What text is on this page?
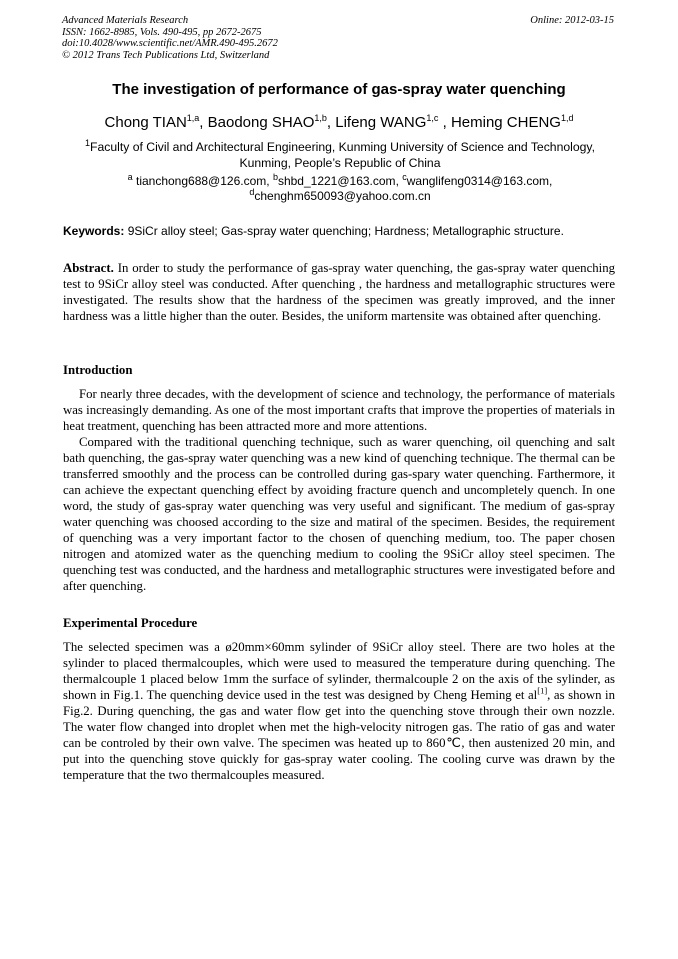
Advanced Materials Research
ISSN: 1662-8985, Vols. 490-495, pp 2672-2675
doi:10.4028/www.scientific.net/AMR.490-495.2672
© 2012 Trans Tech Publications Ltd, Switzerland
Online: 2012-03-15
The investigation of performance of gas-spray water quenching
Chong TIAN$^{1,a}$, Baodong SHAO$^{1,b}$, Lifeng WANG$^{1,c}$ , Heming CHENG$^{1,d}$
$^1$Faculty of Civil and Architectural Engineering, Kunming University of Science and Technology,
Kunming, People’s Republic of China
$^a$ tianchong688@126.com, $^b$shbd_1221@163.com, $^c$wanglifeng0314@163.com,
$^d$chenghm650093@yahoo.com.cn
Keywords: 9SiCr alloy steel; Gas-spray water quenching; Hardness; Metallographic structure.
Abstract. In order to study the performance of gas-spray water quenching, the gas-spray water quenching test to 9SiCr alloy steel was conducted. After quenching , the hardness and metallographic structures were investigated. The results show that the hardness of the specimen was greatly improved, and the inner hardness was a little higher than the outer. Besides, the uniform martensite was obtained after quenching.
Introduction

For nearly three decades, with the development of science and technology, the performance of materials was increasingly demanding. As one of the most important crafts that improve the properties of materials in heat treatment, quenching has been attracted more and more attentions.

Compared with the traditional quenching technique, such as warer quenching, oil quenching and salt bath quenching, the gas-spray water quenching was a new kind of quenching technique. The thermal can be transferred smoothly and the process can be controlled during gas-spary water quenching. Farthermore, it can achieve the expectant quenching effect by avoiding fracture quench and uncompletely quench. In one word, the study of gas-spray water quenching was very useful and significant. The medium of gas-spray water quenching was choosed according to the size and matiral of the specimen. Besides, the requirement of quenching was a very important factor to the chosen of quenching medium, too. The paper chosen nitrogen and atomized water as the quenching medium to cooling the 9SiCr alloy steel specimen. The quenching test was conducted, and the hardness and metallographic structures were investigated before and after quenching.

Experimental Procedure

The selected specimen was a ø20mm×60mm sylinder of 9SiCr alloy steel. There are two holes at the sylinder to placed thermalcouples, which were used to measured the temperature during quenching. The thermalcouple 1 placed below 1mm the surface of sylinder, thermalcouple 2 on the axis of the sylinder, as shown in Fig.1. The quenching device used in the test was designed by Cheng Heming et al[1], as shown in Fig.2. During quenching, the gas and water flow get into the quenching stove through their own nozzle. The water flow changed into droplet when met the high-velocity nitrogen gas. The ratio of gas and water can be controled by their own valve. The specimen was heated up to 860℃, then austenized 20 min, and put into the quenching stove quickly for gas-spray water cooling. The cooling curve was drawn by the temperature that the two thermalcouples measured.
